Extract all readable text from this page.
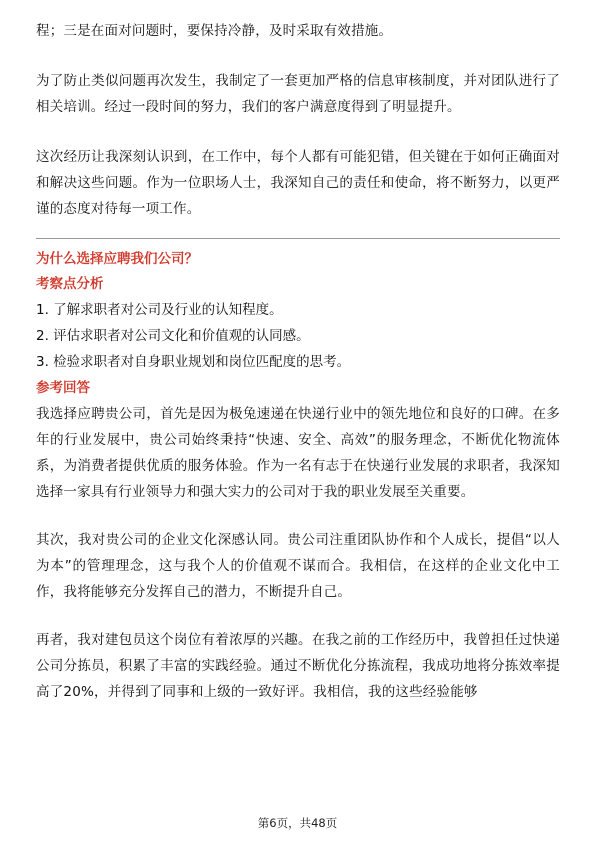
程；三是在面对问题时，要保持冷静，及时采取有效措施。

为了防止类似问题再次发生，我制定了一套更加严格的信息审核制度，并对团队进行了相关培训。经过一段时间的努力，我们的客户满意度得到了明显提升。

这次经历让我深刻认识到，在工作中，每个人都有可能犯错，但关键在于如何正确面对和解决这些问题。作为一位职场人士，我深知自己的责任和使命，将不断努力，以更严谨的态度对待每一项工作。

为什么选择应聘我们公司？

考察点分析

1. 了解求职者对公司及行业的认知程度。

2. 评估求职者对公司文化和价值观的认同感。

3. 检验求职者对自身职业规划和岗位匹配度的思考。

参考回答

我选择应聘贵公司，首先是因为极兔速递在快递行业中的领先地位和良好的口碑。在多年的行业发展中，贵公司始终秉持“快速、安全、高效”的服务理念，不断优化物流体系，为消费者提供优质的服务体验。作为一名有志于在快递行业发展的求职者，我深知选择一家具有行业领导力和强大实力的公司对于我的职业发展至关重要。

其次，我对贵公司的企业文化深感认同。贵公司注重团队协作和个人成长，提倡“以人为本”的管理理念，这与我个人的价值观不谋而合。我相信，在这样的企业文化中工作，我将能够充分发挥自己的潜力，不断提升自己。

再者，我对建包员这个岗位有着浓厚的兴趣。在我之前的工作经历中，我曾担任过快递公司分拣员，积累了丰富的实践经验。通过不断优化分拣流程，我成功地将分拣效率提高了20%，并得到了同事和上级的一致好评。我相信，我的这些经验能够

第6页，共48页
